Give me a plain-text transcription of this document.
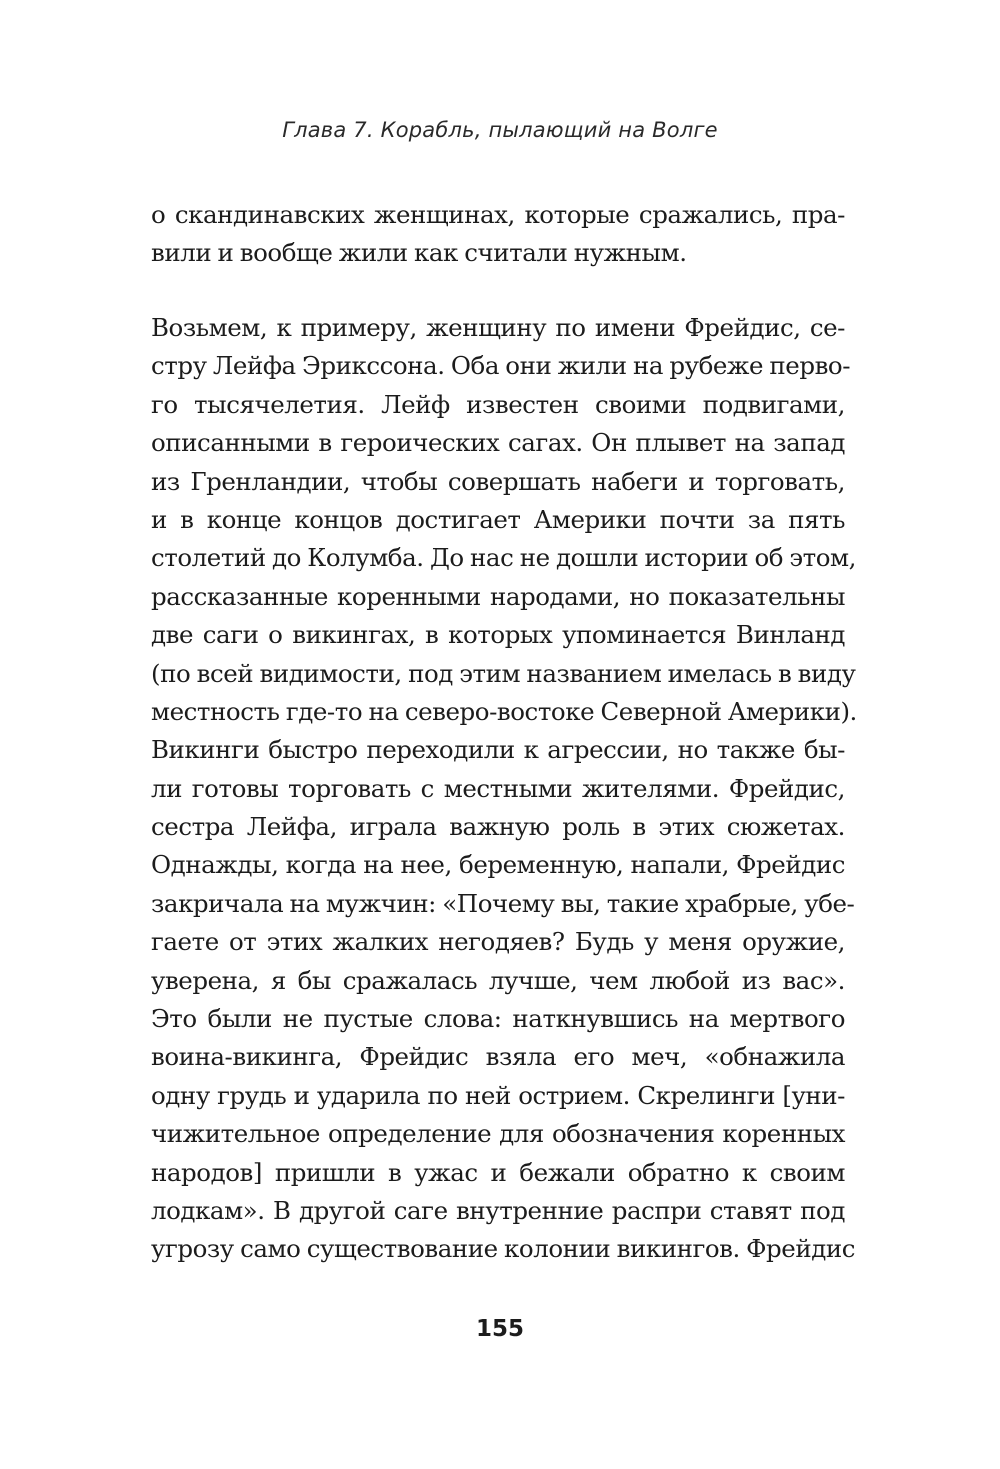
Глава 7. Корабль, пылающий на Волге
о скандинавских женщинах, которые сражались, пра-
вили и вообще жили как считали нужным.
Возьмем, к примеру, женщину по имени Фрейдис, се-
стру Лейфа Эрикссона. Оба они жили на рубеже перво-
го тысячелетия. Лейф известен своими подвигами,
описанными в героических сагах. Он плывет на запад
из Гренландии, чтобы совершать набеги и торговать,
и в конце концов достигает Америки почти за пять
столетий до Колумба. До нас не дошли истории об этом,
рассказанные коренными народами, но показательны
две саги о викингах, в которых упоминается Винланд
(по всей видимости, под этим названием имелась в виду
местность где-то на северо-востоке Северной Америки).
Викинги быстро переходили к агрессии, но также бы-
ли готовы торговать с местными жителями. Фрейдис,
сестра Лейфа, играла важную роль в этих сюжетах.
Однажды, когда на нее, беременную, напали, Фрейдис
закричала на мужчин: «Почему вы, такие храбрые, убе-
гаете от этих жалких негодяев? Будь у меня оружие,
уверена, я бы сражалась лучше, чем любой из вас».
Это были не пустые слова: наткнувшись на мертвого
воина-викинга, Фрейдис взяла его меч, «обнажила
одну грудь и ударила по ней острием. Скрелинги [уни-
чижительное определение для обозначения коренных
народов] пришли в ужас и бежали обратно к своим
лодкам». В другой саге внутренние распри ставят под
угрозу само существование колонии викингов. Фрейдис
155
